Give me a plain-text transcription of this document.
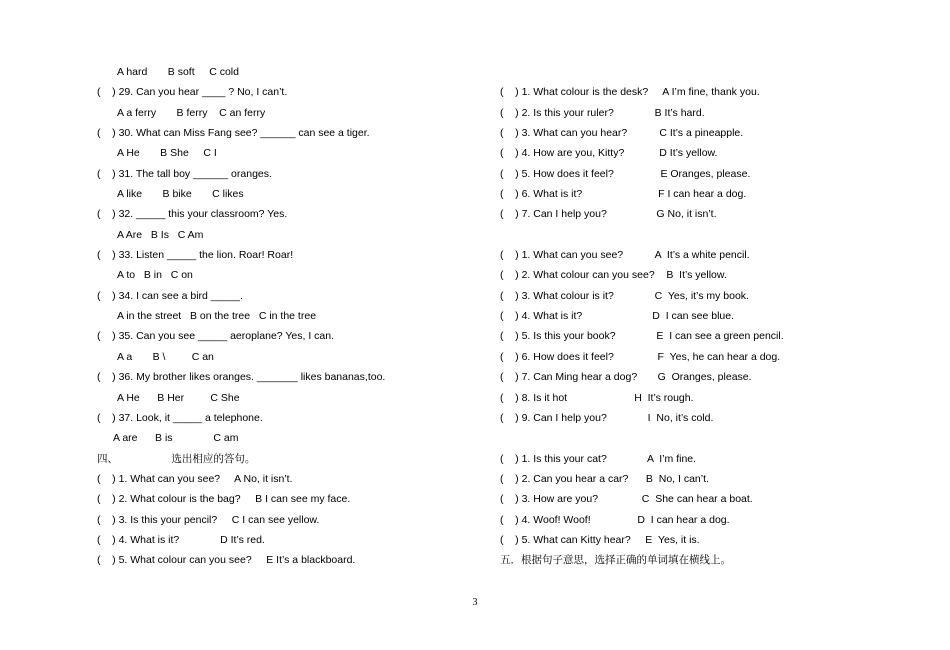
A hard       B soft     C cold
(    ) 29. Can you hear ____ ? No, I can’t.
A a ferry       B ferry    C an ferry
(    ) 30. What can Miss Fang see? ______ can see a tiger.
A He       B She     C I
(    ) 31. The tall boy ______ oranges.
A like       B bike       C likes
(    ) 32. _____ this your classroom? Yes.
A Are   B Is   C Am
(    ) 33. Listen _____ the lion. Roar! Roar!
A to   B in   C on
(    ) 34. I can see a bird _____.
A in the street   B on the tree   C in the tree
(    ) 35. Can you see _____ aeroplane? Yes, I can.
A a       B \         C an
(    ) 36. My brother likes oranges. _______ likes bananas,too.
A He      B Her         C She
(    ) 37. Look, it _____ a telephone.
A are      B is              C am
四、                选出相应的答句。
(    ) 1. What can you see?     A No, it isn’t.
(    ) 2. What colour is the bag?     B I can see my face.
(    ) 3. Is this your pencil?     C I can see yellow.
(    ) 4. What is it?              D It’s red.
(    ) 5. What colour can you see?     E It’s a blackboard.
(    ) 1. What colour is the desk?     A I’m fine, thank you.
(    ) 2. Is this your ruler?              B It’s hard.
(    ) 3. What can you hear?           C It’s a pineapple.
(    ) 4. How are you, Kitty?            D It’s yellow.
(    ) 5. How does it feel?                E Oranges, please.
(    ) 6. What is it?                          F I can hear a dog.
(    ) 7. Can I help you?                 G No, it isn’t.
(    ) 1. What can you see?           A  It’s a white pencil.
(    ) 2. What colour can you see?    B  It’s yellow.
(    ) 3. What colour is it?              C  Yes, it’s my book.
(    ) 4. What is it?                        D  I can see blue.
(    ) 5. Is this your book?              E  I can see a green pencil.
(    ) 6. How does it feel?               F  Yes, he can hear a dog.
(    ) 7. Can Ming hear a dog?       G  Oranges, please.
(    ) 8. Is it hot                       H  It’s rough.
(    ) 9. Can I help you?              I  No, it’s cold.
(    ) 1. Is this your cat?              A  I’m fine.
(    ) 2. Can you hear a car?      B  No, I can’t.
(    ) 3. How are you?               C  She can hear a boat.
(    ) 4. Woof! Woof!                D  I can hear a dog.
(    ) 5. What can Kitty hear?     E  Yes, it is.
五．根据句子意思，选择正确的单词填在横线上。
3
